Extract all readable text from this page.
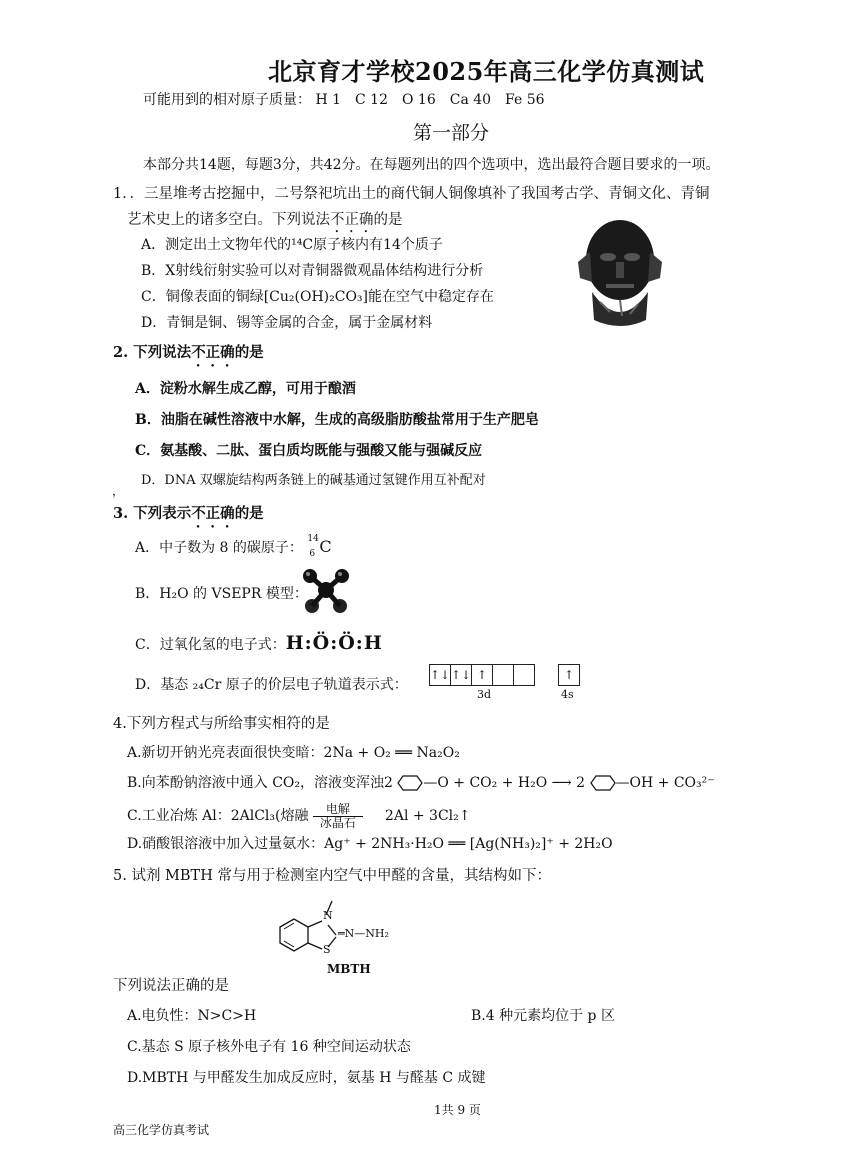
北京育才学校2025年高三化学仿真测试
可能用到的相对原子质量： H 1　C 12　O 16　Ca 40　Fe 56
第一部分
本部分共14题，每题3分，共42分。在每题列出的四个选项中，选出最符合题目要求的一项。
1．．三星堆考古挖掘中，二号祭祀坑出土的商代铜人铜像填补了我国考古学、青铜文化、青铜
艺术史上的诸多空白。下列说法不正确的是
A．测定出土文物年代的¹⁴C原子核内有14个质子
B．X射线衍射实验可以对青铜器微观晶体结构进行分析
C．铜像表面的铜绿[Cu₂(OH)₂CO₃]能在空气中稳定存在
D．青铜是铜、锡等金属的合金，属于金属材料
2. 下列说法不正确的是
A．淀粉水解生成乙醇，可用于酿酒
B．油脂在碱性溶液中水解，生成的高级脂肪酸盐常用于生产肥皂
C．氨基酸、二肽、蛋白质均既能与强酸又能与强碱反应
D．DNA 双螺旋结构两条链上的碱基通过氢键作用互补配对
，
3. 下列表示不正确的是
A．中子数为 8 的碳原子：
14
6 C
B．H₂O 的 VSEPR 模型：
C．过氧化氢的电子式：H:Ö:Ö:H
D．基态 ₂₄Cr 原子的价层电子轨道表示式：
↑↓ ↑↓ ↑
3d
↑
4s
4.下列方程式与所给事实相符的是
A.新切开钠光亮表面很快变暗：2Na + O₂ ══ Na₂O₂
B.向苯酚钠溶液中通入 CO₂，溶液变浑浊2 —O + CO₂ + H₂O ⟶ 2 —OH + CO₃²⁻
C.工业冶炼 Al：2AlCl₃(熔融	电解
冰晶石	2Al + 3Cl₂↑
D.硝酸银溶液中加入过量氨水：Ag⁺ + 2NH₃·H₂O ══ [Ag(NH₃)₂]⁺ + 2H₂O
5. 试剂 MBTH 常与用于检测室内空气中甲醛的含量，其结构如下：
N
S
═N—NH₂
MBTH
下列说法正确的是
A.电负性：N>C>H	B.4 种元素均位于 p 区
C.基态 S 原子核外电子有 16 种空间运动状态
D.MBTH 与甲醛发生加成反应时，氨基 H 与醛基 C 成键
1共 9 页
高三化学仿真考试
